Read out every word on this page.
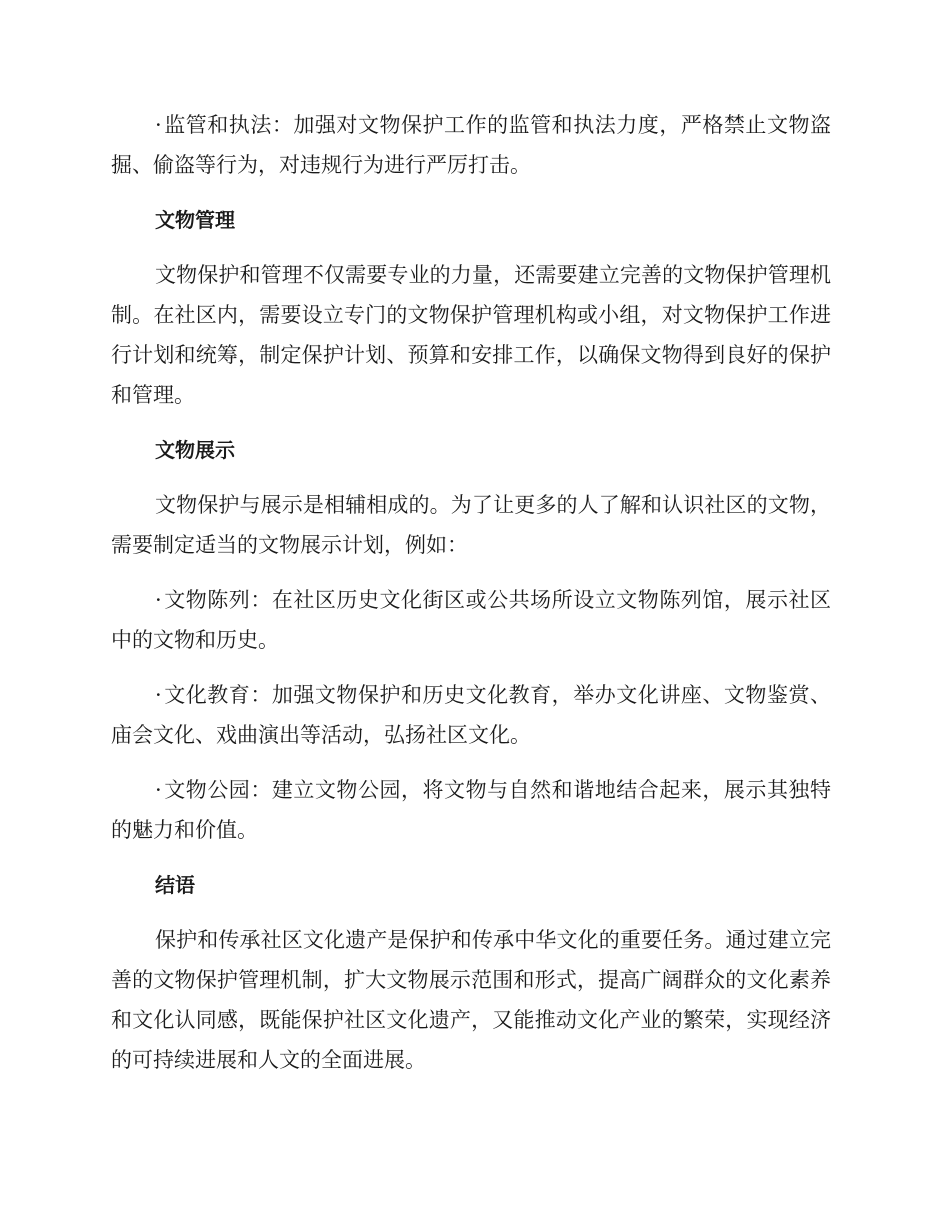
·监管和执法：加强对文物保护工作的监管和执法力度，严格禁止文物盗掘、偷盗等行为，对违规行为进行严厉打击。

文物管理

文物保护和管理不仅需要专业的力量，还需要建立完善的文物保护管理机制。在社区内，需要设立专门的文物保护管理机构或小组，对文物保护工作进行计划和统筹，制定保护计划、预算和安排工作，以确保文物得到良好的保护和管理。

文物展示

文物保护与展示是相辅相成的。为了让更多的人了解和认识社区的文物，需要制定适当的文物展示计划，例如：

·文物陈列：在社区历史文化街区或公共场所设立文物陈列馆，展示社区中的文物和历史。

·文化教育：加强文物保护和历史文化教育，举办文化讲座、文物鉴赏、庙会文化、戏曲演出等活动，弘扬社区文化。

·文物公园：建立文物公园，将文物与自然和谐地结合起来，展示其独特的魅力和价值。

结语

保护和传承社区文化遗产是保护和传承中华文化的重要任务。通过建立完善的文物保护管理机制，扩大文物展示范围和形式，提高广阔群众的文化素养和文化认同感，既能保护社区文化遗产，又能推动文化产业的繁荣，实现经济的可持续进展和人文的全面进展。
